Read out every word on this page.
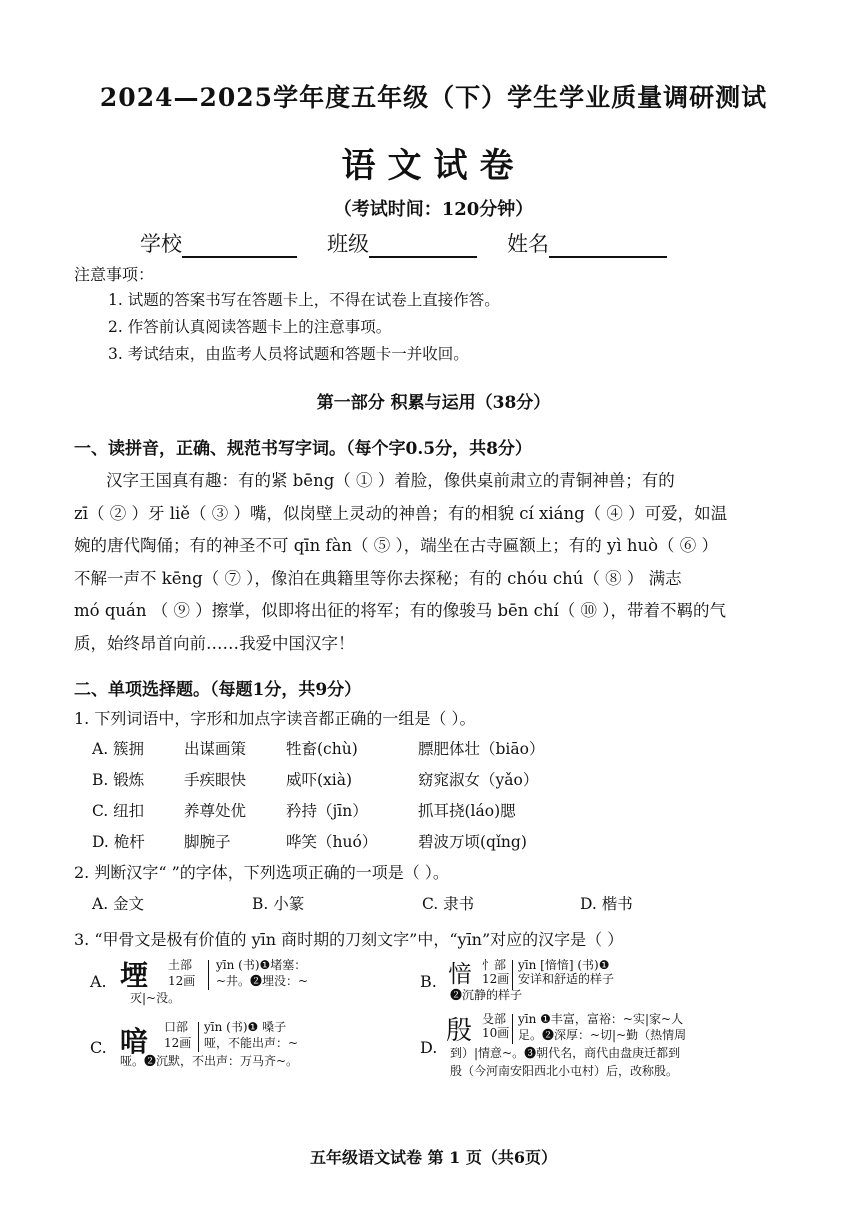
2024—2025学年度五年级（下）学生学业质量调研测试
语文试卷
（考试时间：120分钟）
学校	班级	姓名
注意事项：
1. 试题的答案书写在答题卡上，不得在试卷上直接作答。
2. 作答前认真阅读答题卡上的注意事项。
3. 考试结束，由监考人员将试题和答题卡一并收回。
第一部分 积累与运用（38分）
一、读拼音，正确、规范书写字词。（每个字0.5分，共8分）

汉字王国真有趣：有的紧 bēng（ ① ）着脸，像供桌前肃立的青铜神兽；有的

zī（ ② ）牙 liě（ ③ ）嘴，似岗壁上灵动的神兽；有的相貌 cí xiáng（ ④ ）可爱，如温

婉的唐代陶俑；有的神圣不可 qīn fàn（ ⑤ ），端坐在古寺匾额上；有的 yì huò（ ⑥ ）

不解一声不 kēng（ ⑦ ），像泊在典籍里等你去探秘；有的 chóu chú（ ⑧ ） 满志

mó quán （ ⑨ ）擦掌，似即将出征的将军；有的像骏马 bēn chí（ ⑩ ），带着不羁的气

质，始终昂首向前……我爱中国汉字！

二、单项选择题。（每题1分，共9分）
1. 下列词语中，字形和加点字读音都正确的一组是（ ）。
A. 簇拥	出谋画策	牲畜(chù)	膘肥体壮（biāo）
B. 锻炼	手疾眼快	威吓(xià)	窈窕淑女（yǎo）
C. 纽扣	养尊处优	矜持（jīn）	抓耳挠(láo)腮
D. 桅杆	脚腕子	哗笑（huó）	碧波万顷(qǐng)
2. 判断汉字“ ”的字体，下列选项正确的一项是（ ）。
A. 金文	B. 小篆	C. 隶书	D. 楷书
3. “甲骨文是极有价值的 yīn 商时期的刀刻文字”中，“yīn”对应的汉字是（ ）
A. 堙 土部
12画
yīn (书)❶堵塞：
~井。❷埋没：~
灭|~没。
B. 愔 忄部
12画
yīn [愔愔] (书)❶
安详和舒适的样子
❷沉静的样子
C. 喑 口部
12画
yīn (书)❶ 嗓子
哑，不能出声：~
哑。❷沉默，不出声：万马齐~。
D.
殷 殳部
10画
yīn ❶丰富，富裕：~实|家~人
足。❷深厚：~切|~勤（热情周
到）|情意~。❸朝代名，商代由盘庚迁都到
殷（今河南安阳西北小屯村）后，改称殷。
五年级语文试卷 第 1 页（共6页）
